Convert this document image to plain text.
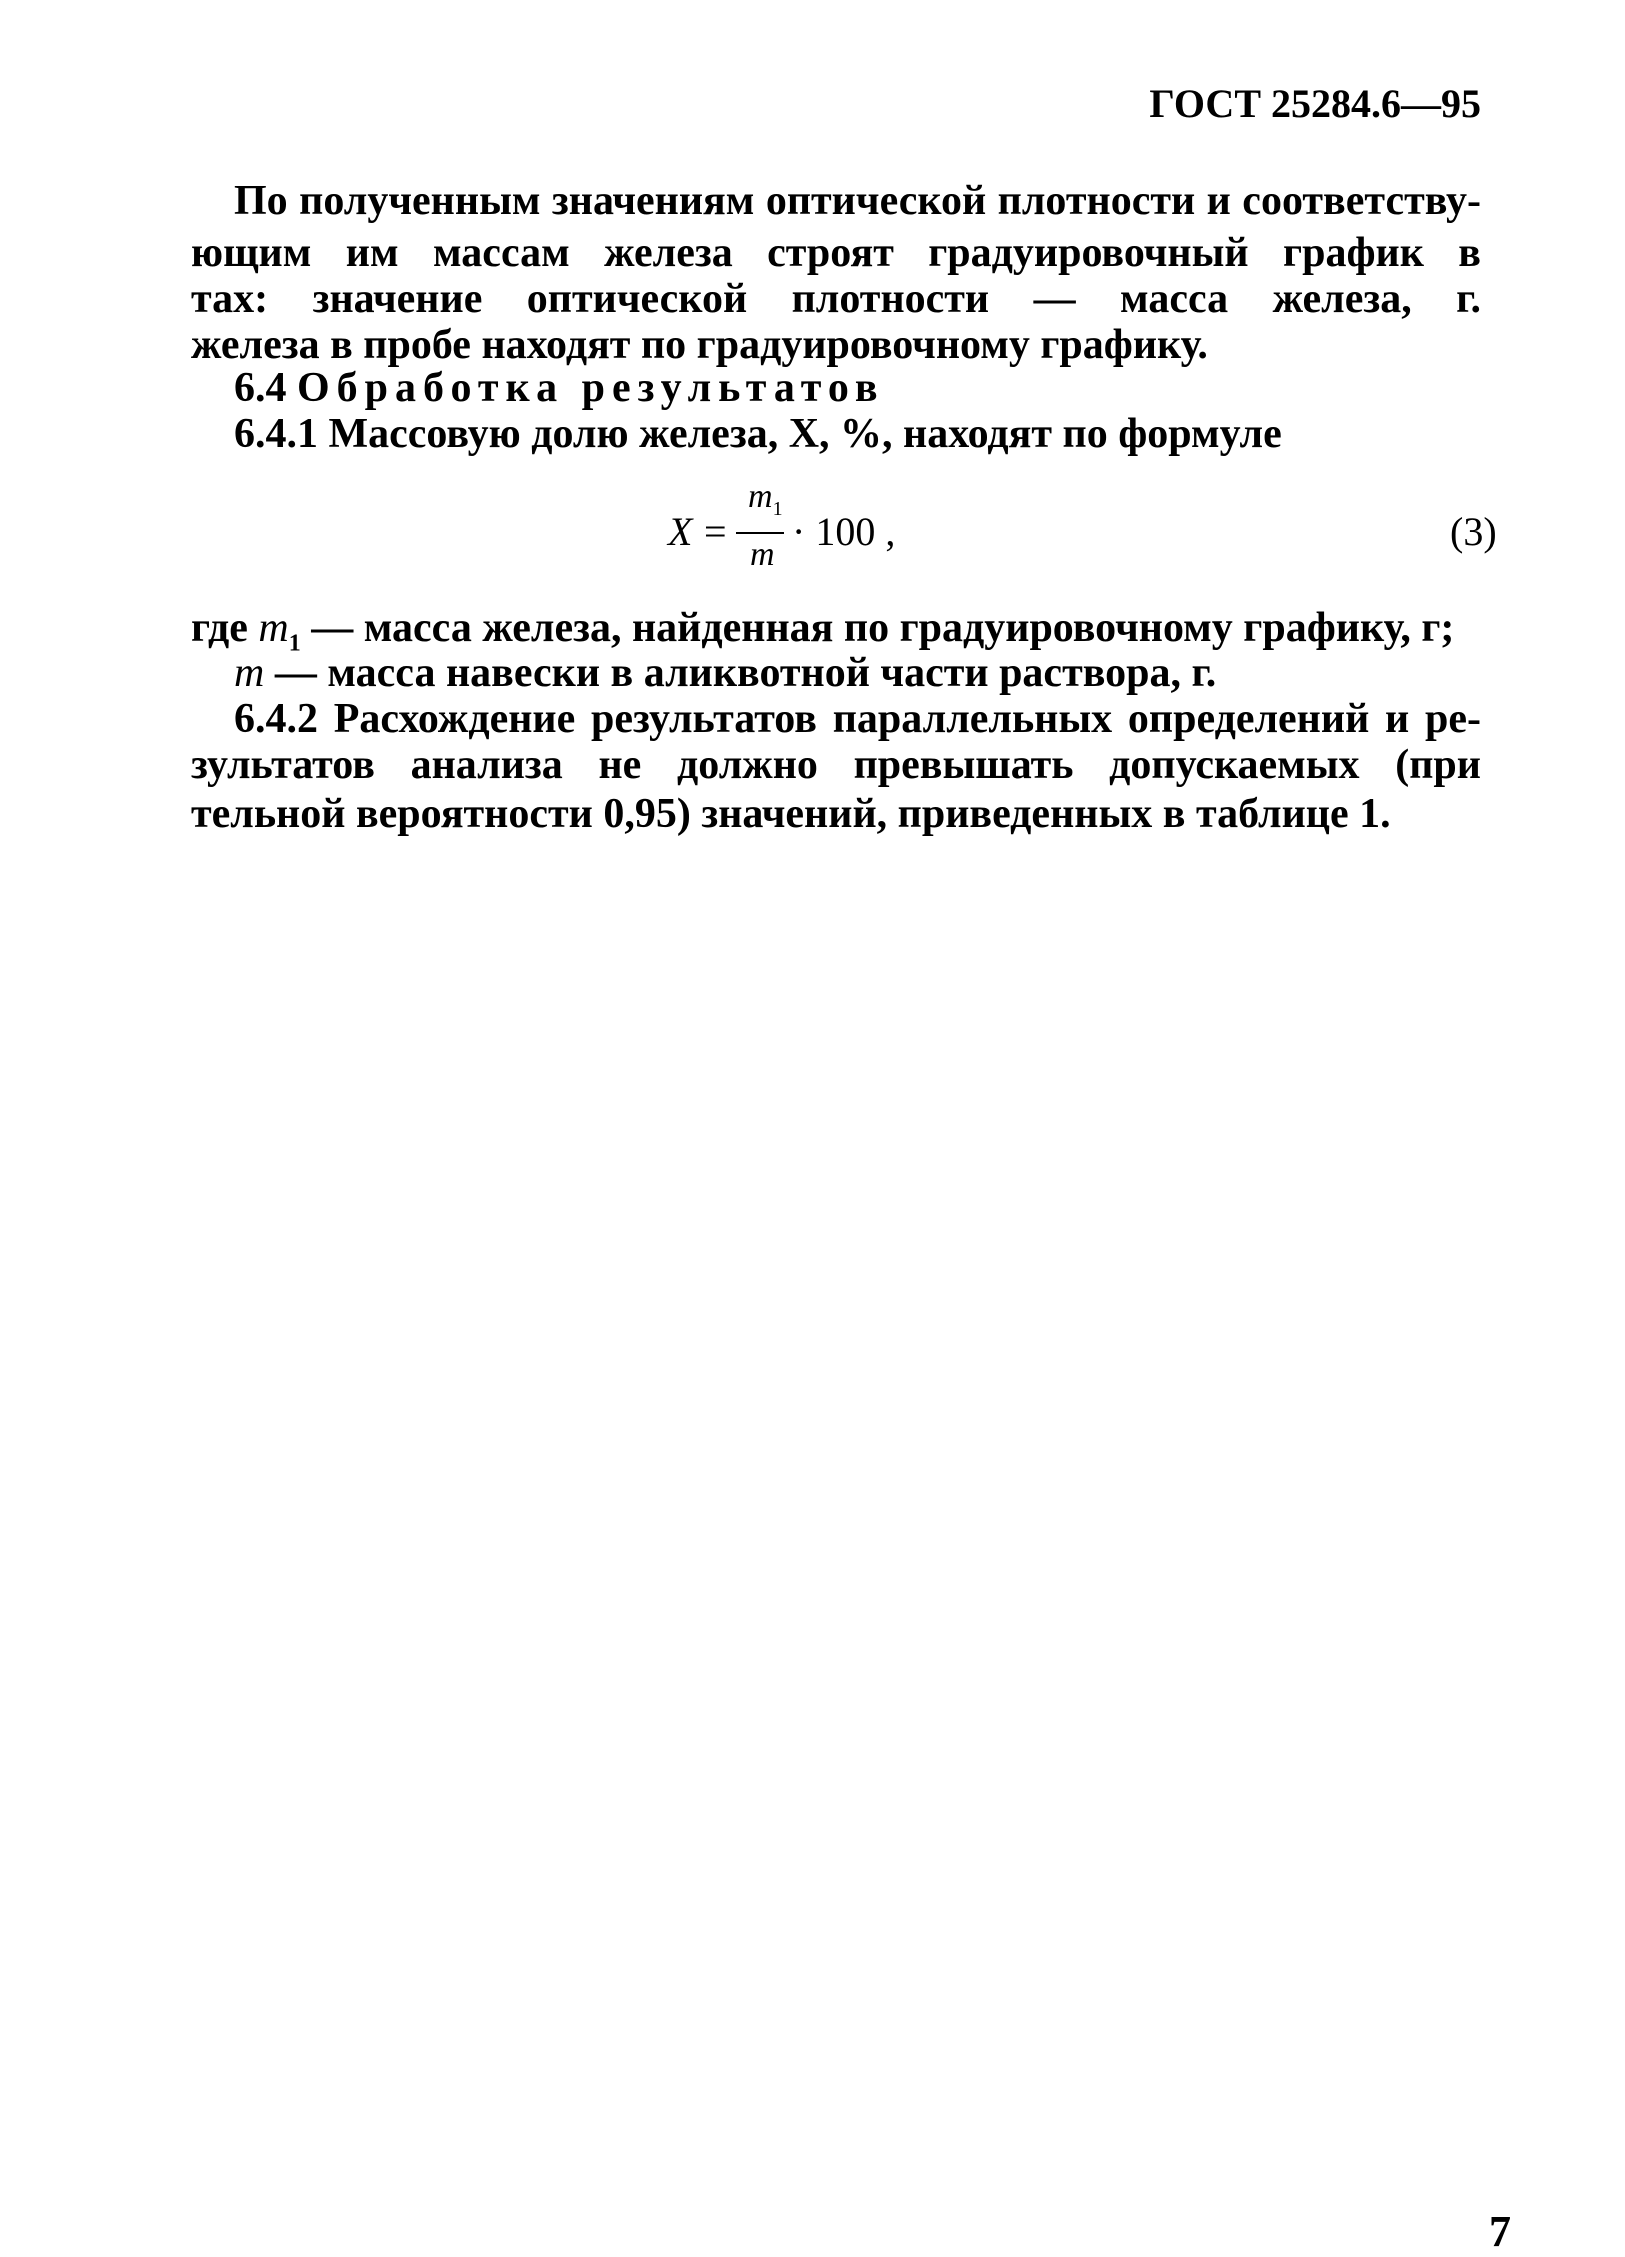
ГОСТ 25284.6—95
По полученным значениям оптической плотности и соответству-
ющим им массам железа строят градуировочный график в
тах: значение оптической плотности — масса железа, г.
железа в пробе находят по градуировочному графику.
6.4 Обработка результатов
6.4.1 Массовую долю железа, X, %, находят по формуле
X =
$m_1$
m
· 100 ,	(3)
где $m_1$ — масса железа, найденная по градуировочному графику, г;
m — масса навески в аликвотной части раствора, г.
6.4.2 Расхождение результатов параллельных определений и ре-
зультатов анализа не должно превышать допускаемых (при
тельной вероятности 0,95) значений, приведенных в таблице 1.
7
